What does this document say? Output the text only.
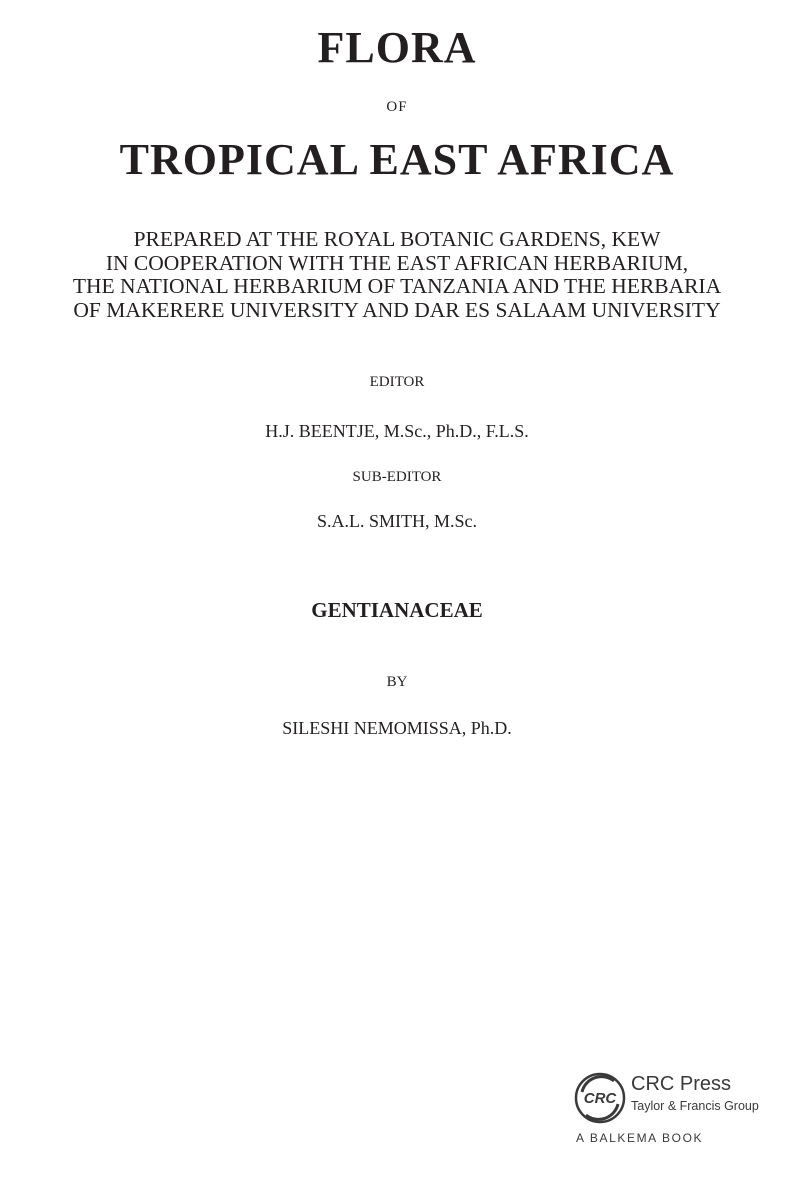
FLORA
OF
TROPICAL EAST AFRICA
PREPARED AT THE ROYAL BOTANIC GARDENS, KEW
IN COOPERATION WITH THE EAST AFRICAN HERBARIUM,
THE NATIONAL HERBARIUM OF TANZANIA AND THE HERBARIA
OF MAKERERE UNIVERSITY AND DAR ES SALAAM UNIVERSITY
EDITOR
H.J. BEENTJE, M.Sc., Ph.D., F.L.S.
SUB-EDITOR
S.A.L. SMITH, M.Sc.
GENTIANACEAE
BY
SILESHI NEMOMISSA, Ph.D.
CRC
CRC Press
Taylor & Francis Group
A BALKEMA BOOK
